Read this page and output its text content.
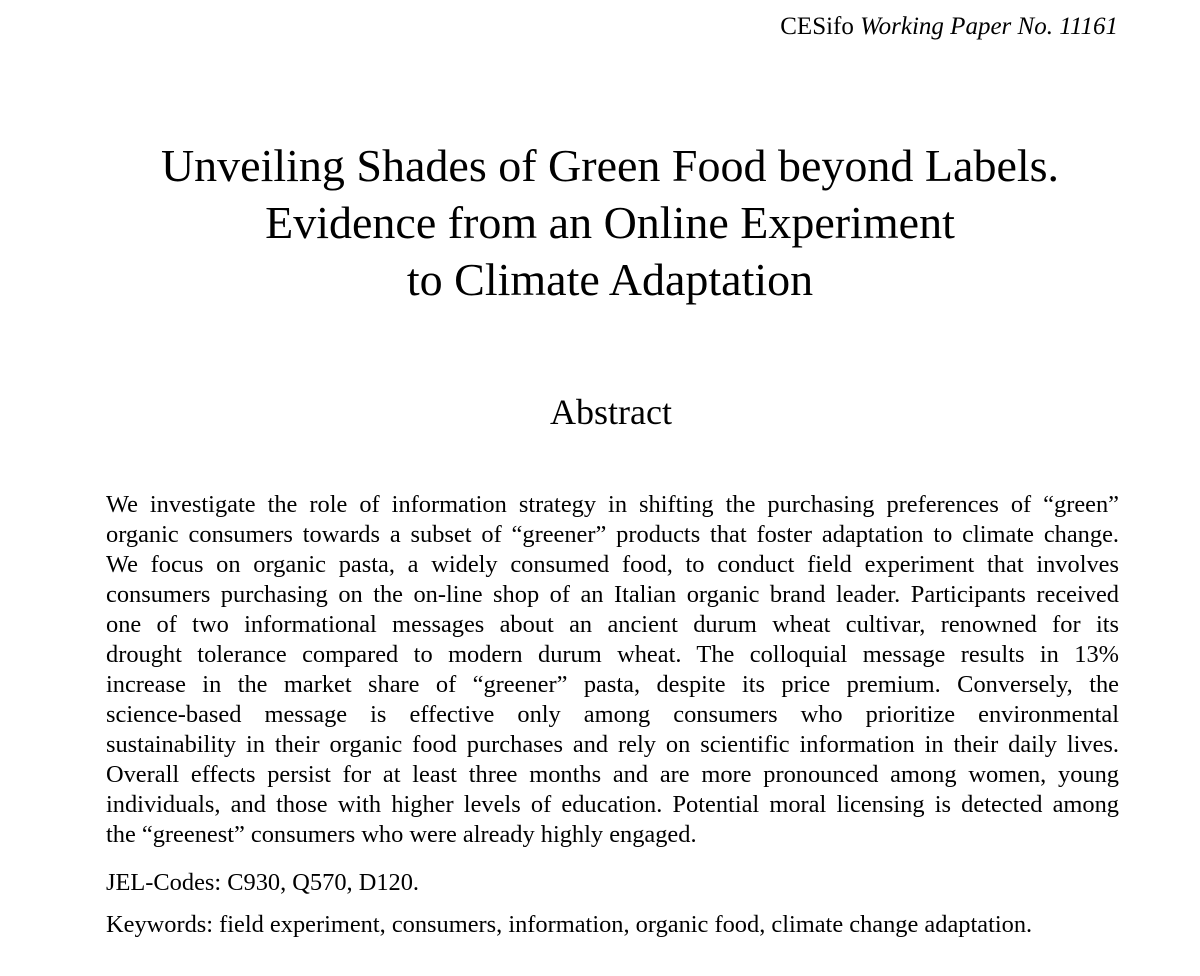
CESifo Working Paper No. 11161
Unveiling Shades of Green Food beyond Labels.
Evidence from an Online Experiment
to Climate Adaptation
Abstract
We investigate the role of information strategy in shifting the purchasing preferences of “green”
organic consumers towards a subset of “greener” products that foster adaptation to climate change.
We focus on organic pasta, a widely consumed food, to conduct field experiment that involves
consumers purchasing on the on-line shop of an Italian organic brand leader. Participants received
one of two informational messages about an ancient durum wheat cultivar, renowned for its
drought tolerance compared to modern durum wheat. The colloquial message results in 13%
increase in the market share of “greener” pasta, despite its price premium. Conversely, the
science-based message is effective only among consumers who prioritize environmental
sustainability in their organic food purchases and rely on scientific information in their daily lives.
Overall effects persist for at least three months and are more pronounced among women, young
individuals, and those with higher levels of education. Potential moral licensing is detected among
the “greenest” consumers who were already highly engaged.
JEL-Codes: C930, Q570, D120.
Keywords: field experiment, consumers, information, organic food, climate change adaptation.
